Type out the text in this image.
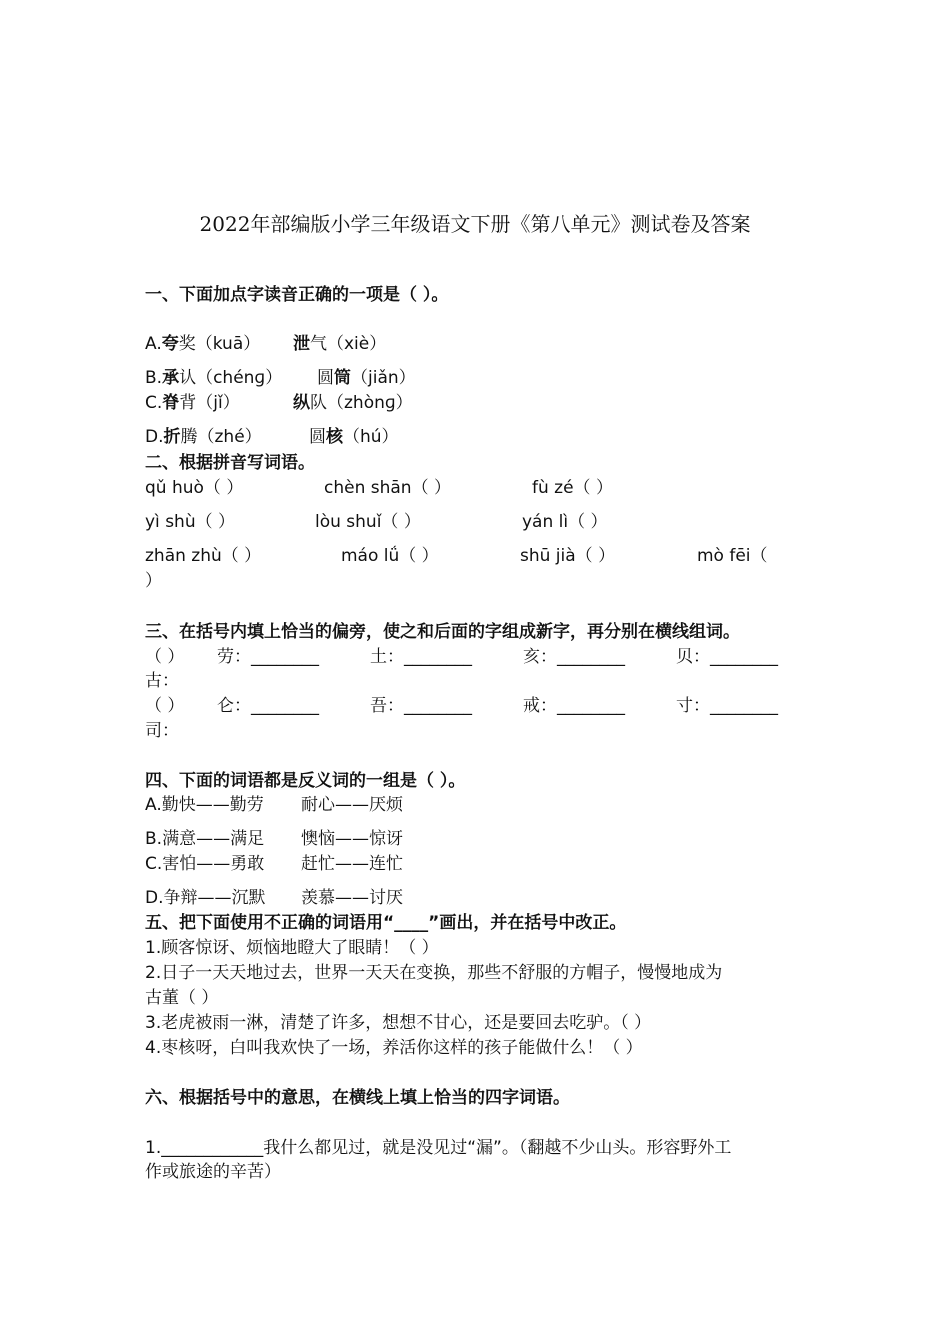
2022年部编版小学三年级语文下册《第八单元》测试卷及答案
一、下面加点字读音正确的一项是（ ）。
A.夸奖（kuā） 泄气（xiè）
B.承认（chénɡ） 圆筒（jiǎn）
C.脊背（jǐ）	纵队（zhònɡ）
D.折腾（zhé）	圆核（hú）
二、根据拼音写词语。
qǔ huò（ ）	chèn shān（ ）	fù zé（ ）
yì shù（ ）	lòu shuǐ（ ）	yán lì（ ）
zhān zhù（ ）	máo lǘ（ ）	shū jià（ ）	mò fēi（
）
三、在括号内填上恰当的偏旁，使之和后面的字组成新字，再分别在横线组词。
（ ） 劳：________	土：________	亥：________	贝：________
古：
（ ） 仑：________	吾：________	戒：________	寸：________
司：
四、下面的词语都是反义词的一组是（ ）。
A.勤快——勤劳 耐心——厌烦
B.满意——满足 懊恼——惊讶
C.害怕——勇敢 赶忙——连忙
D.争辩——沉默 羡慕——讨厌
五、把下面使用不正确的词语用“____”画出，并在括号中改正。
1.顾客惊讶、烦恼地瞪大了眼睛！（ ）
2.日子一天天地过去，世界一天天在变换，那些不舒服的方帽子，慢慢地成为
古董（ ）
3.老虎被雨一淋，清楚了许多，想想不甘心，还是要回去吃驴。（ ）
4.枣核呀，白叫我欢快了一场，养活你这样的孩子能做什么！（ ）
六、根据括号中的意思，在横线上填上恰当的四字词语。
1.____________我什么都见过，就是没见过“漏”。（翻越不少山头。形容野外工
作或旅途的辛苦）
